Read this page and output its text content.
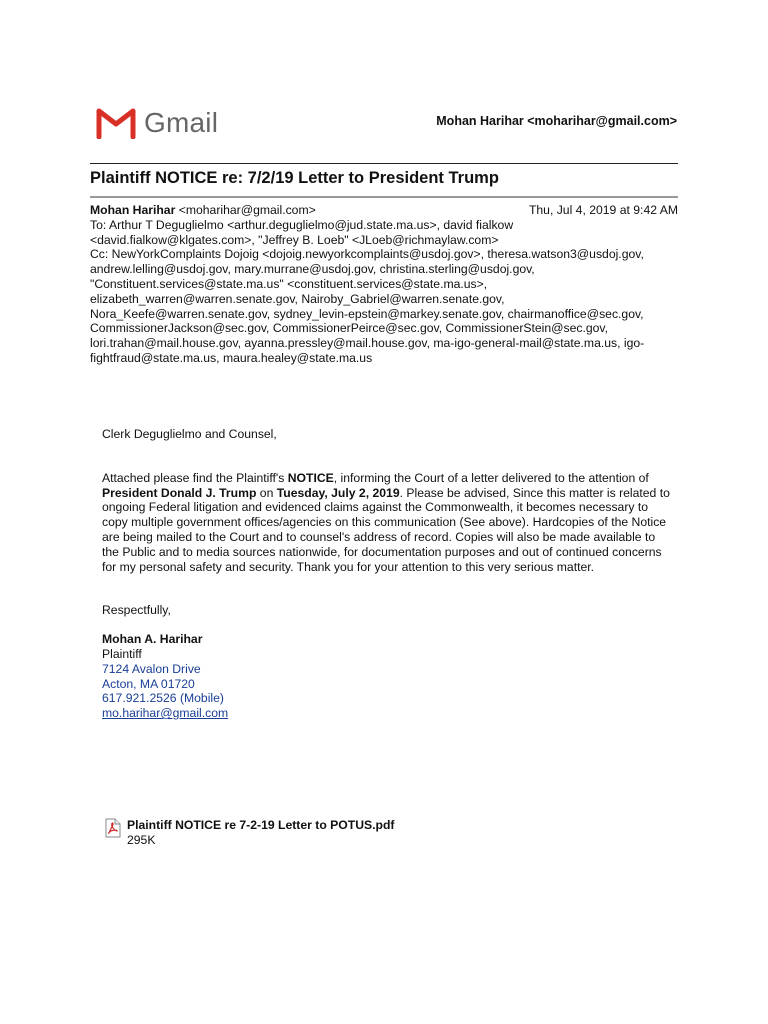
Gmail	Mohan Harihar <moharihar@gmail.com>
Plaintiff NOTICE re: 7/2/19 Letter to President Trump
Mohan Harihar <moharihar@gmail.com>	Thu, Jul 4, 2019 at 9:42 AM
To: Arthur T Deguglielmo <arthur.deguglielmo@jud.state.ma.us>, david fialkow
<david.fialkow@klgates.com>, "Jeffrey B. Loeb" <JLoeb@richmaylaw.com>
Cc: NewYorkComplaints Dojoig <dojoig.newyorkcomplaints@usdoj.gov>, theresa.watson3@usdoj.gov,
andrew.lelling@usdoj.gov, mary.murrane@usdoj.gov, christina.sterling@usdoj.gov,
"Constituent.services@state.ma.us" <constituent.services@state.ma.us>,
elizabeth_warren@warren.senate.gov, Nairoby_Gabriel@warren.senate.gov,
Nora_Keefe@warren.senate.gov, sydney_levin-epstein@markey.senate.gov, chairmanoffice@sec.gov,
CommissionerJackson@sec.gov, CommissionerPeirce@sec.gov, CommissionerStein@sec.gov,
lori.trahan@mail.house.gov, ayanna.pressley@mail.house.gov, ma-igo-general-mail@state.ma.us, igo-
fightfraud@state.ma.us, maura.healey@state.ma.us

Clerk Deguglielmo and Counsel,

Attached please find the Plaintiff's NOTICE, informing the Court of a letter delivered to the attention of President Donald J. Trump on Tuesday, July 2, 2019. Please be advised, Since this matter is related to ongoing Federal litigation and evidenced claims against the Commonwealth, it becomes necessary to copy multiple government offices/agencies on this communication (See above). Hardcopies of the Notice are being mailed to the Court and to counsel's address of record. Copies will also be made available to the Public and to media sources nationwide, for documentation purposes and out of continued concerns for my personal safety and security. Thank you for your attention to this very serious matter.

Respectfully,

Mohan A. Harihar
Plaintiff
7124 Avalon Drive
Acton, MA 01720
617.921.2526 (Mobile)
mo.harihar@gmail.com
Plaintiff NOTICE re 7-2-19 Letter to POTUS.pdf
295K
